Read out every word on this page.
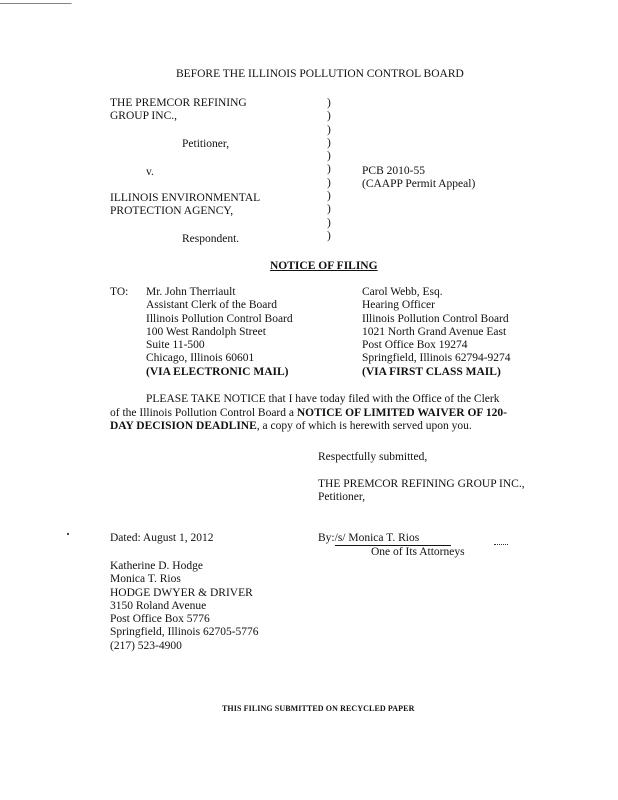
BEFORE THE ILLINOIS POLLUTION CONTROL BOARD
THE PREMCOR REFINING
GROUP INC.,
Petitioner,
v.
ILLINOIS ENVIRONMENTAL
PROTECTION AGENCY,
Respondent.
)
)
)
)
)
)
)
)
)
)
)
PCB 2010-55
(CAAPP Permit Appeal)
NOTICE OF FILING
TO: Mr. John Therriault
Assistant Clerk of the Board
Illinois Pollution Control Board
100 West Randolph Street
Suite 11-500
Chicago, Illinois 60601
(VIA ELECTRONIC MAIL)
Carol Webb, Esq.
Hearing Officer
Illinois Pollution Control Board
1021 North Grand Avenue East
Post Office Box 19274
Springfield, Illinois 62794-9274
(VIA FIRST CLASS MAIL)
PLEASE TAKE NOTICE that I have today filed with the Office of the Clerk of the Illinois Pollution Control Board a NOTICE OF LIMITED WAIVER OF 120-DAY DECISION DEADLINE, a copy of which is herewith served upon you.
Respectfully submitted,
THE PREMCOR REFINING GROUP INC.,
Petitioner,
Dated: August 1, 2012	By:/s/ Monica T. Rios
One of Its Attorneys
Katherine D. Hodge
Monica T. Rios
HODGE DWYER & DRIVER
3150 Roland Avenue
Post Office Box 5776
Springfield, Illinois 62705-5776
(217) 523-4900
THIS FILING SUBMITTED ON RECYCLED PAPER
